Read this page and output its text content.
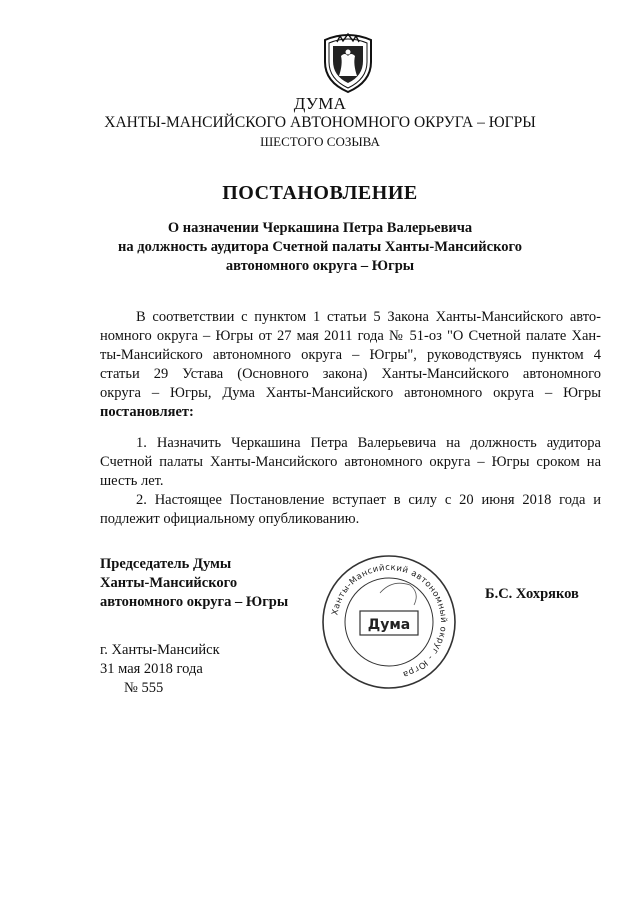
ДУМА
ХАНТЫ-МАНСИЙСКОГО АВТОНОМНОГО ОКРУГА – ЮГРЫ
ШЕСТОГО СОЗЫВА
ПОСТАНОВЛЕНИЕ
О назначении Черкашина Петра Валерьевича
на должность аудитора Счетной палаты Ханты-Мансийского
автономного округа – Югры
В соответствии с пунктом 1 статьи 5 Закона Ханты-Мансийского авто-
номного округа – Югры от 27 мая 2011 года № 51-оз "О Счетной палате Хан-
ты-Мансийского автономного округа – Югры", руководствуясь пунктом 4
статьи 29 Устава (Основного закона) Ханты-Мансийского автономного
округа – Югры, Дума Ханты-Мансийского автономного округа – Югры
постановляет:
1. Назначить Черкашина Петра Валерьевича на должность аудитора
Счетной палаты Ханты-Мансийского автономного округа – Югры сроком на
шесть лет.
2. Настоящее Постановление вступает в силу с 20 июня 2018 года и
подлежит официальному опубликованию.
Председатель Думы
Ханты-Мансийского
автономного округа – Югры
Ханты-Мансийский автономный округ - Югра
Дума
Б.С. Хохряков
г. Ханты-Мансийск
31 мая 2018 года
№ 555
